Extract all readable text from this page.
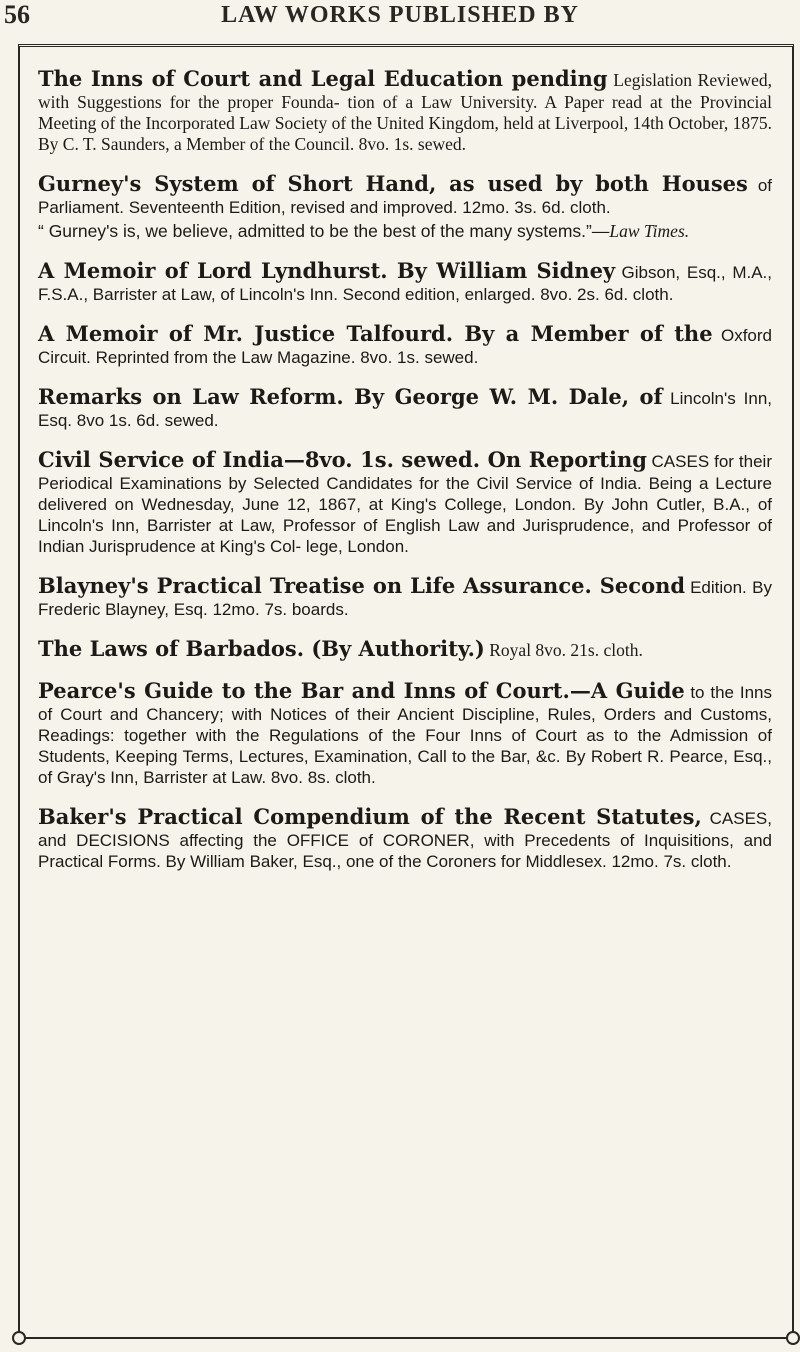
56	LAW WORKS PUBLISHED BY

The Inns of Court and Legal Education pending Legislation Reviewed, with Suggestions for the proper Founda- tion of a Law University. A Paper read at the Provincial Meeting of the Incorporated Law Society of the United Kingdom, held at Liverpool, 14th October, 1875. By C. T. Saunders, a Member of the Council. 8vo. 1s. sewed.

Gurney's System of Short Hand, as used by both Houses of Parliament. Seventeenth Edition, revised and improved. 12mo. 3s. 6d. cloth.

“ Gurney's is, we believe, admitted to be the best of the many systems.”—Law Times.

A Memoir of Lord Lyndhurst. By William Sidney Gibson, Esq., M.A., F.S.A., Barrister at Law, of Lincoln's Inn. Second edition, enlarged. 8vo. 2s. 6d. cloth.

A Memoir of Mr. Justice Talfourd. By a Member of the Oxford Circuit. Reprinted from the Law Magazine. 8vo. 1s. sewed.

Remarks on Law Reform. By George W. M. Dale, of Lincoln's Inn, Esq. 8vo 1s. 6d. sewed.

Civil Service of India—8vo. 1s. sewed. On Reporting CASES for their Periodical Examinations by Selected Candidates for the Civil Service of India. Being a Lecture delivered on Wednesday, June 12, 1867, at King's College, London. By John Cutler, B.A., of Lincoln's Inn, Barrister at Law, Professor of English Law and Jurisprudence, and Professor of Indian Jurisprudence at King's Col- lege, London.

Blayney's Practical Treatise on Life Assurance. Second Edition. By Frederic Blayney, Esq. 12mo. 7s. boards.

The Laws of Barbados. (By Authority.) Royal 8vo. 21s. cloth.

Pearce's Guide to the Bar and Inns of Court.—A Guide to the Inns of Court and Chancery; with Notices of their Ancient Discipline, Rules, Orders and Customs, Readings: together with the Regulations of the Four Inns of Court as to the Admission of Students, Keeping Terms, Lectures, Examination, Call to the Bar, &c. By Robert R. Pearce, Esq., of Gray's Inn, Barrister at Law. 8vo. 8s. cloth.

Baker's Practical Compendium of the Recent Statutes, CASES, and DECISIONS affecting the OFFICE of CORONER, with Precedents of Inquisitions, and Practical Forms. By William Baker, Esq., one of the Coroners for Middlesex. 12mo. 7s. cloth.
